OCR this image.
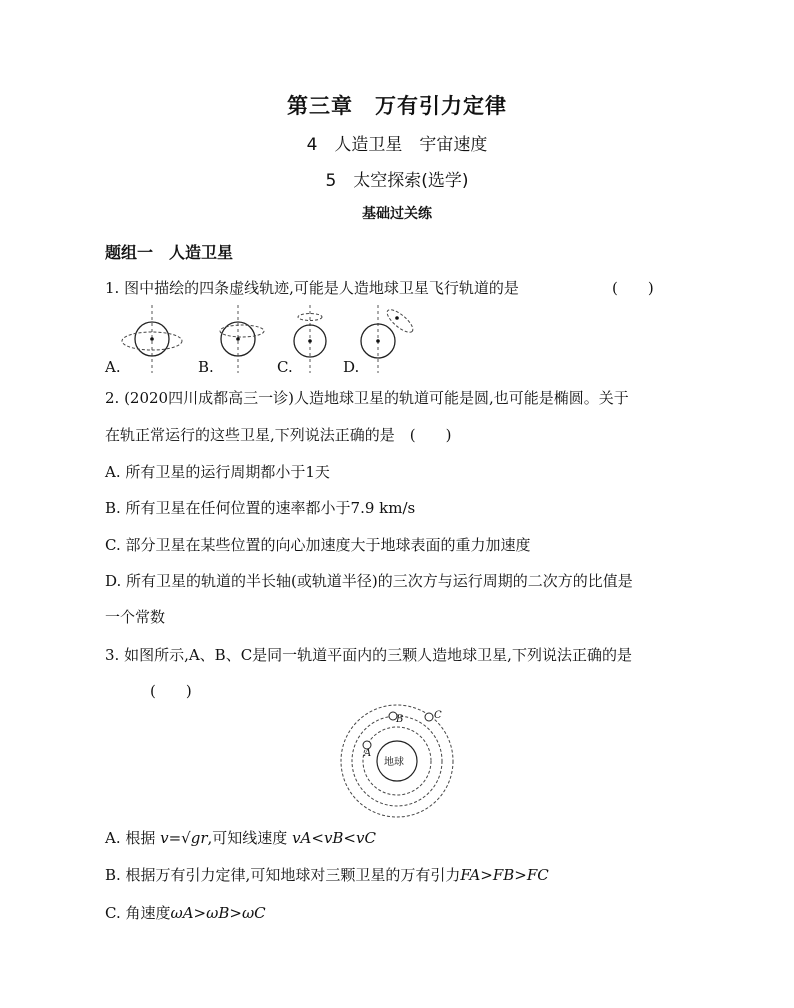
第三章　万有引力定律
4　人造卫星　宇宙速度
5　太空探索(选学)
基础过关练
题组一　人造卫星
1. 图中描绘的四条虚线轨迹,可能是人造地球卫星飞行轨道的是	(　　)
A.	B.	C.	D.
2. (2020四川成都高三一诊)人造地球卫星的轨道可能是圆,也可能是椭圆。关于
在轨正常运行的这些卫星,下列说法正确的是　(　　)
A. 所有卫星的运行周期都小于1天
B. 所有卫星在任何位置的速率都小于7.9 km/s
C. 部分卫星在某些位置的向心加速度大于地球表面的重力加速度
D. 所有卫星的轨道的半长轴(或轨道半径)的三次方与运行周期的二次方的比值是
一个常数
3. 如图所示,A、B、C是同一轨道平面内的三颗人造地球卫星,下列说法正确的是
(　　)
地球
A
B	C
A. 根据 v=√gr,可知线速度 vA<vB<vC
B. 根据万有引力定律,可知地球对三颗卫星的万有引力FA>FB>FC
C. 角速度ωA>ωB>ωC
